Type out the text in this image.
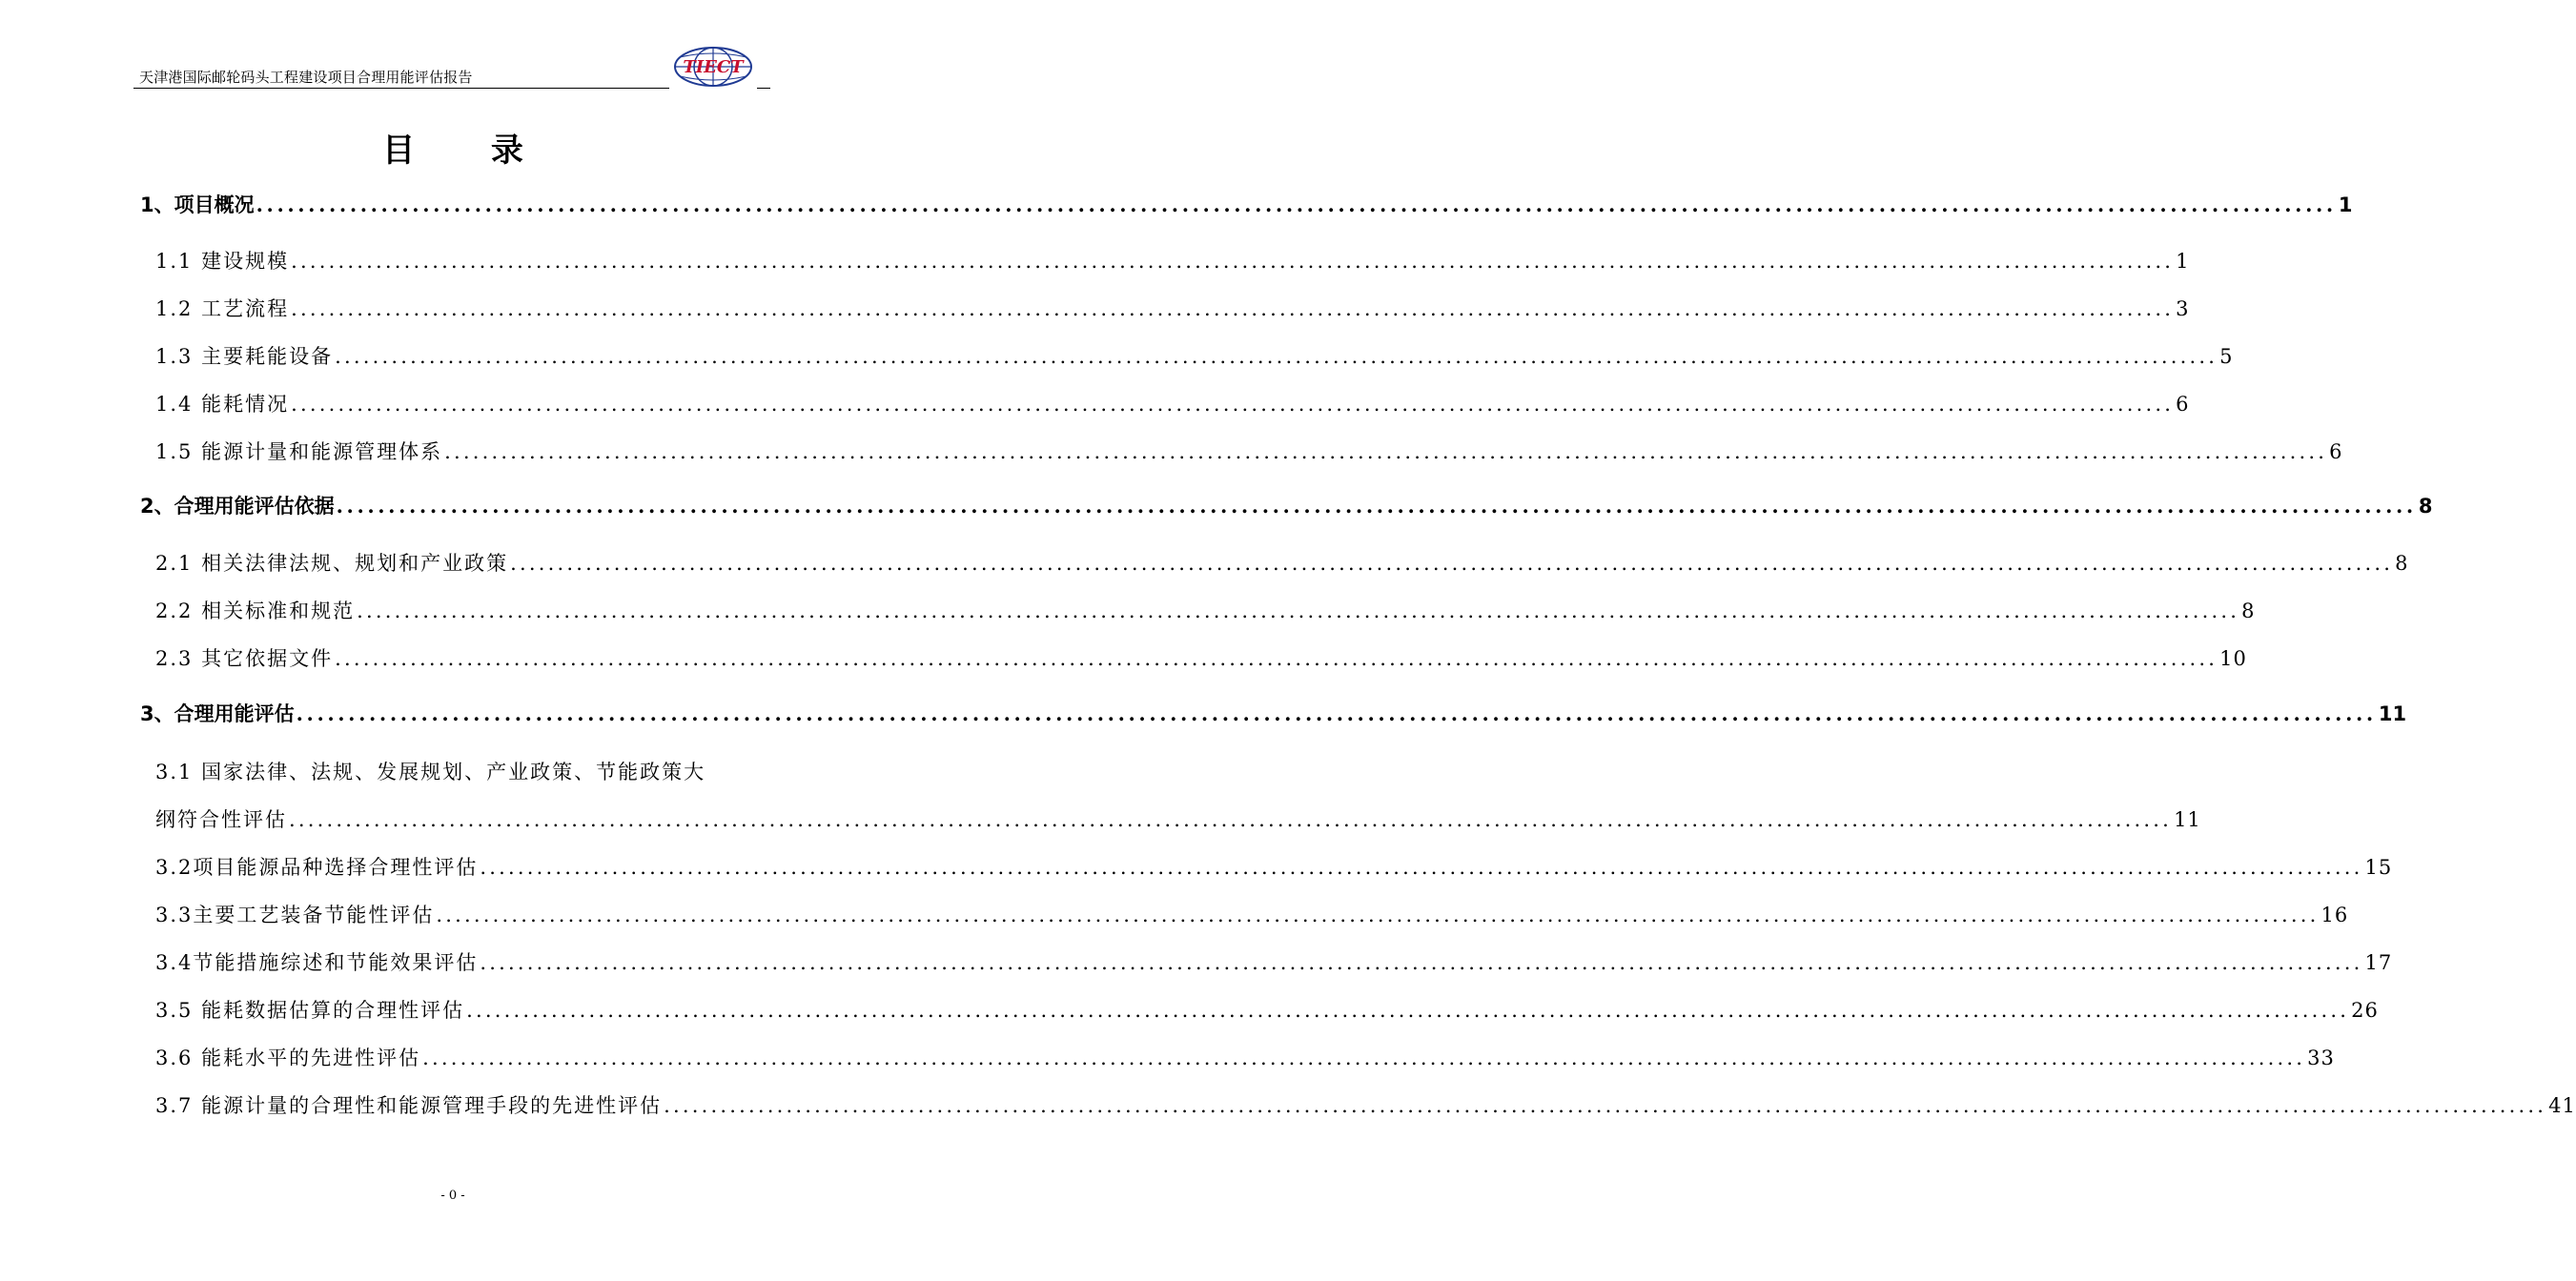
天津港国际邮轮码头工程建设项目合理用能评估报告	TIECT
目 录
1、项目概况 ........................................................................................................................................................................................................ 1
1.1 建设规模 ........................................................................................................................................................................................................ 1
1.2 工艺流程 ........................................................................................................................................................................................................ 3
1.3 主要耗能设备 ........................................................................................................................................................................................................ 5
1.4 能耗情况 ........................................................................................................................................................................................................ 6
1.5 能源计量和能源管理体系 ........................................................................................................................................................................................................ 6
2、合理用能评估依据 ........................................................................................................................................................................................................ 8
2.1 相关法律法规、规划和产业政策 ........................................................................................................................................................................................................ 8
2.2 相关标准和规范 ........................................................................................................................................................................................................ 8
2.3 其它依据文件 ........................................................................................................................................................................................................ 10
3、合理用能评估 ........................................................................................................................................................................................................ 11
3.1 国家法律、法规、发展规划、产业政策、节能政策大
纲符合性评估 ........................................................................................................................................................................................................ 11
3.2项目能源品种选择合理性评估 ........................................................................................................................................................................................................ 15
3.3主要工艺装备节能性评估 ........................................................................................................................................................................................................ 16
3.4节能措施综述和节能效果评估 ........................................................................................................................................................................................................ 17
3.5 能耗数据估算的合理性评估 ........................................................................................................................................................................................................ 26
3.6 能耗水平的先进性评估 ........................................................................................................................................................................................................ 33
3.7 能源计量的合理性和能源管理手段的先进性评估 ........................................................................................................................................................................................................ 41
- 0 -
